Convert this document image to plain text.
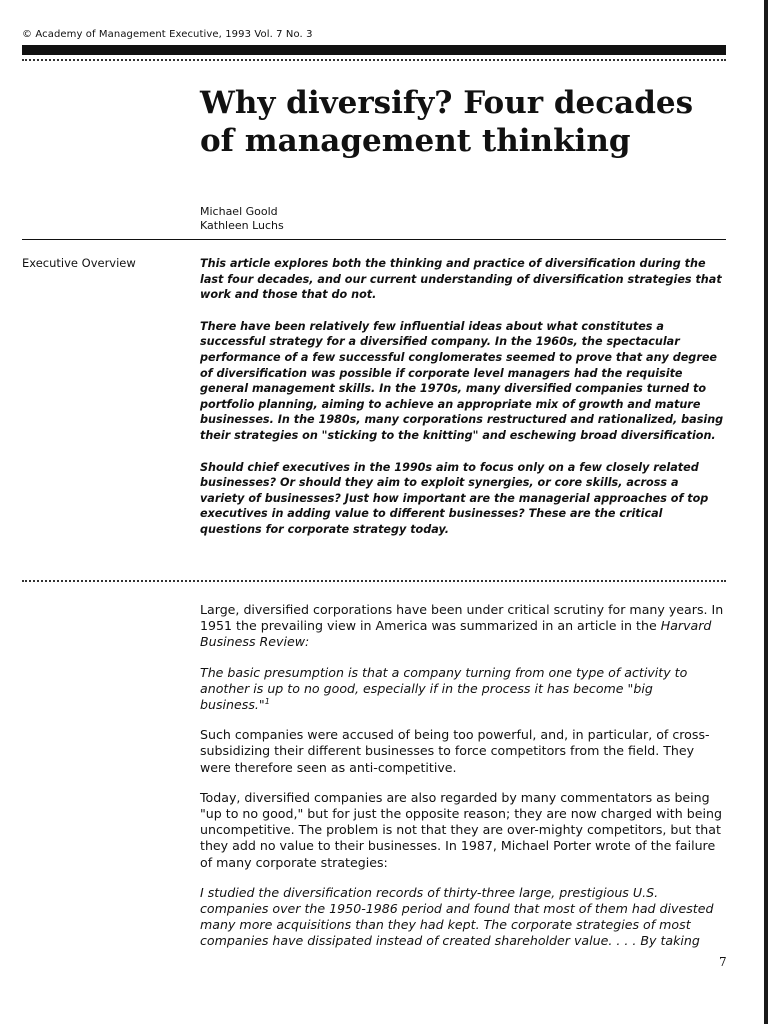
© Academy of Management Executive, 1993 Vol. 7 No. 3
Why diversify? Four decades
of management thinking
Michael Goold
Kathleen Luchs
Executive Overview	This article explores both the thinking and practice of diversification during the last four decades, and our current understanding of diversification strategies that work and those that do not.

There have been relatively few influential ideas about what constitutes a successful strategy for a diversified company. In the 1960s, the spectacular performance of a few successful conglomerates seemed to prove that any degree of diversification was possible if corporate level managers had the requisite general management skills. In the 1970s, many diversified companies turned to portfolio planning, aiming to achieve an appropriate mix of growth and mature businesses. In the 1980s, many corporations restructured and rationalized, basing their strategies on "sticking to the knitting" and eschewing broad diversification.

Should chief executives in the 1990s aim to focus only on a few closely related businesses? Or should they aim to exploit synergies, or core skills, across a variety of businesses? Just how important are the managerial approaches of top executives in adding value to different businesses? These are the critical questions for corporate strategy today.

Large, diversified corporations have been under critical scrutiny for many years. In 1951 the prevailing view in America was summarized in an article in the Harvard Business Review:

The basic presumption is that a company turning from one type of activity to another is up to no good, especially if in the process it has become "big business."$^1$

Such companies were accused of being too powerful, and, in particular, of cross-subsidizing their different businesses to force competitors from the field. They were therefore seen as anti-competitive.

Today, diversified companies are also regarded by many commentators as being "up to no good," but for just the opposite reason; they are now charged with being uncompetitive. The problem is not that they are over-mighty competitors, but that they add no value to their businesses. In 1987, Michael Porter wrote of the failure of many corporate strategies:

I studied the diversification records of thirty-three large, prestigious U.S. companies over the 1950-1986 period and found that most of them had divested many more acquisitions than they had kept. The corporate strategies of most companies have dissipated instead of created shareholder value. . . . By taking

7
